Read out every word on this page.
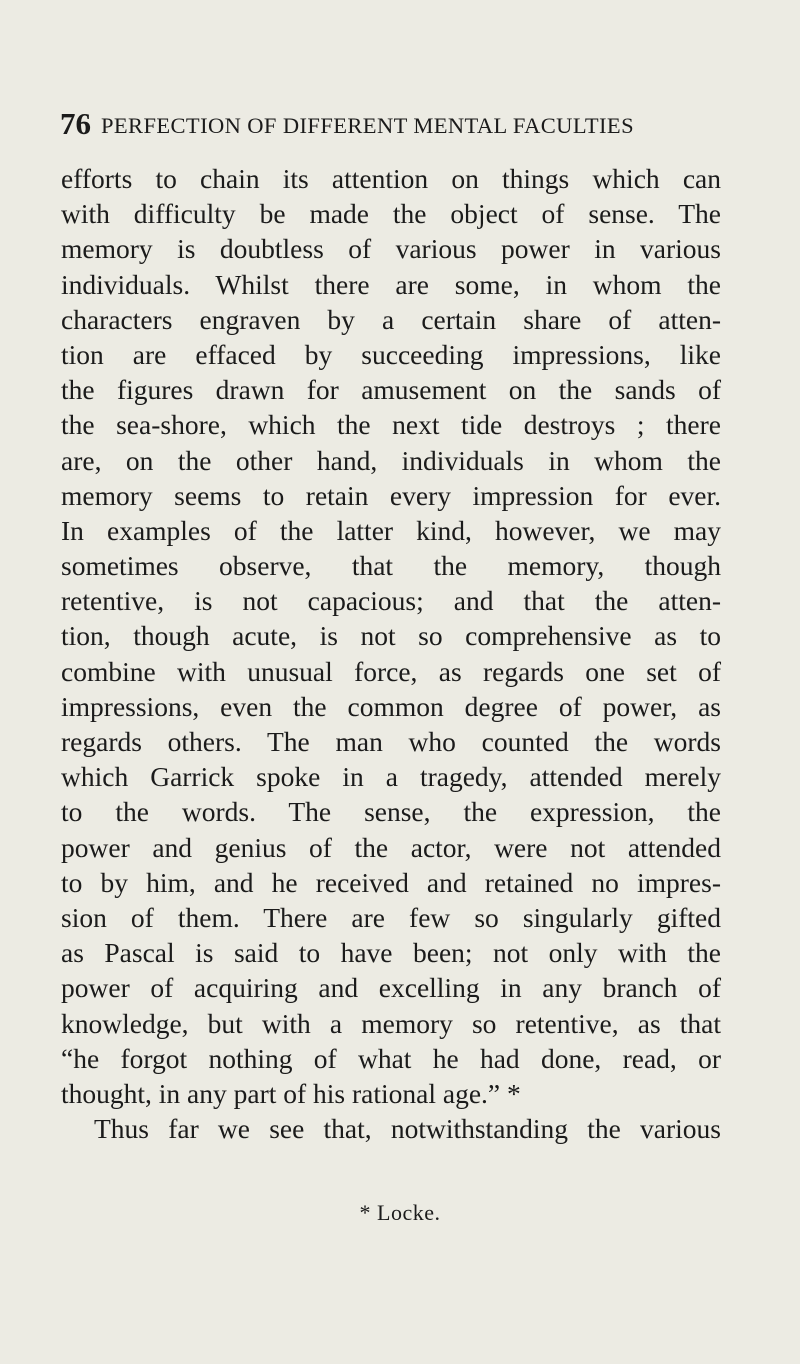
76 PERFECTION OF DIFFERENT MENTAL FACULTIES
efforts to chain its attention on things which can
with difficulty be made the object of sense. The
memory is doubtless of various power in various
individuals. Whilst there are some, in whom the
characters engraven by a certain share of atten-
tion are effaced by succeeding impressions, like
the figures drawn for amusement on the sands of
the sea-shore, which the next tide destroys ; there
are, on the other hand, individuals in whom the
memory seems to retain every impression for ever.
In examples of the latter kind, however, we may
sometimes observe, that the memory, though
retentive, is not capacious; and that the atten-
tion, though acute, is not so comprehensive as to
combine with unusual force, as regards one set of
impressions, even the common degree of power, as
regards others. The man who counted the words
which Garrick spoke in a tragedy, attended merely
to the words. The sense, the expression, the
power and genius of the actor, were not attended
to by him, and he received and retained no impres-
sion of them. There are few so singularly gifted
as Pascal is said to have been; not only with the
power of acquiring and excelling in any branch of
knowledge, but with a memory so retentive, as that
“he forgot nothing of what he had done, read, or
thought, in any part of his rational age.” *
Thus far we see that, notwithstanding the various
* Locke.
